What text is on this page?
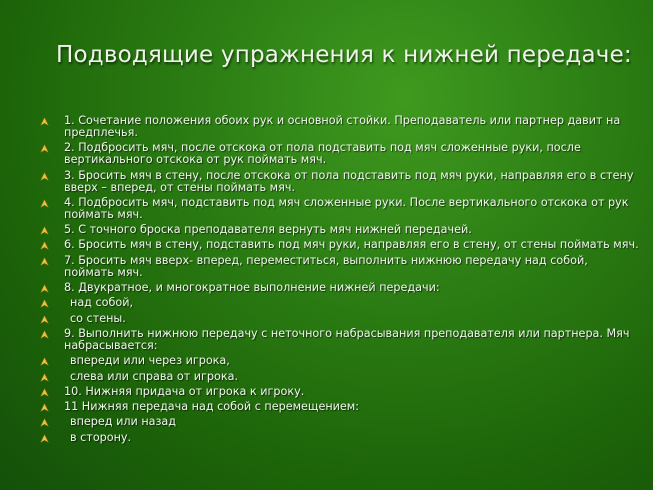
Подводящие упражнения к нижней передаче:
1. Сочетание положения обоих рук и основной стойки. Преподаватель или партнер давит на предплечья.
2. Подбросить мяч, после отскока от пола подставить под мяч сложенные руки, после вертикального отскока от рук поймать мяч.
3. Бросить мяч в стену, после отскока от пола подставить под мяч руки, направляя его в стену вверх – вперед, от стены поймать мяч.
4. Подбросить мяч, подставить под мяч сложенные руки. После вертикального отскока от рук поймать мяч.
5. С точного броска преподавателя вернуть мяч нижней передачей.
6. Бросить мяч в стену, подставить под мяч руки, направляя его в стену, от стены поймать мяч.
7. Бросить мяч вверх- вперед, переместиться, выполнить нижнюю передачу над собой, поймать мяч.
8. Двукратное, и многократное выполнение нижней передачи:
над собой,
со стены.
9. Выполнить нижнюю передачу с неточного набрасывания преподавателя или партнера. Мяч набрасывается:
впереди или через игрока,
слева или справа от игрока.
10. Нижняя придача от игрока к игроку.
11 Нижняя передача над собой с перемещением:
вперед или назад
в сторону.
